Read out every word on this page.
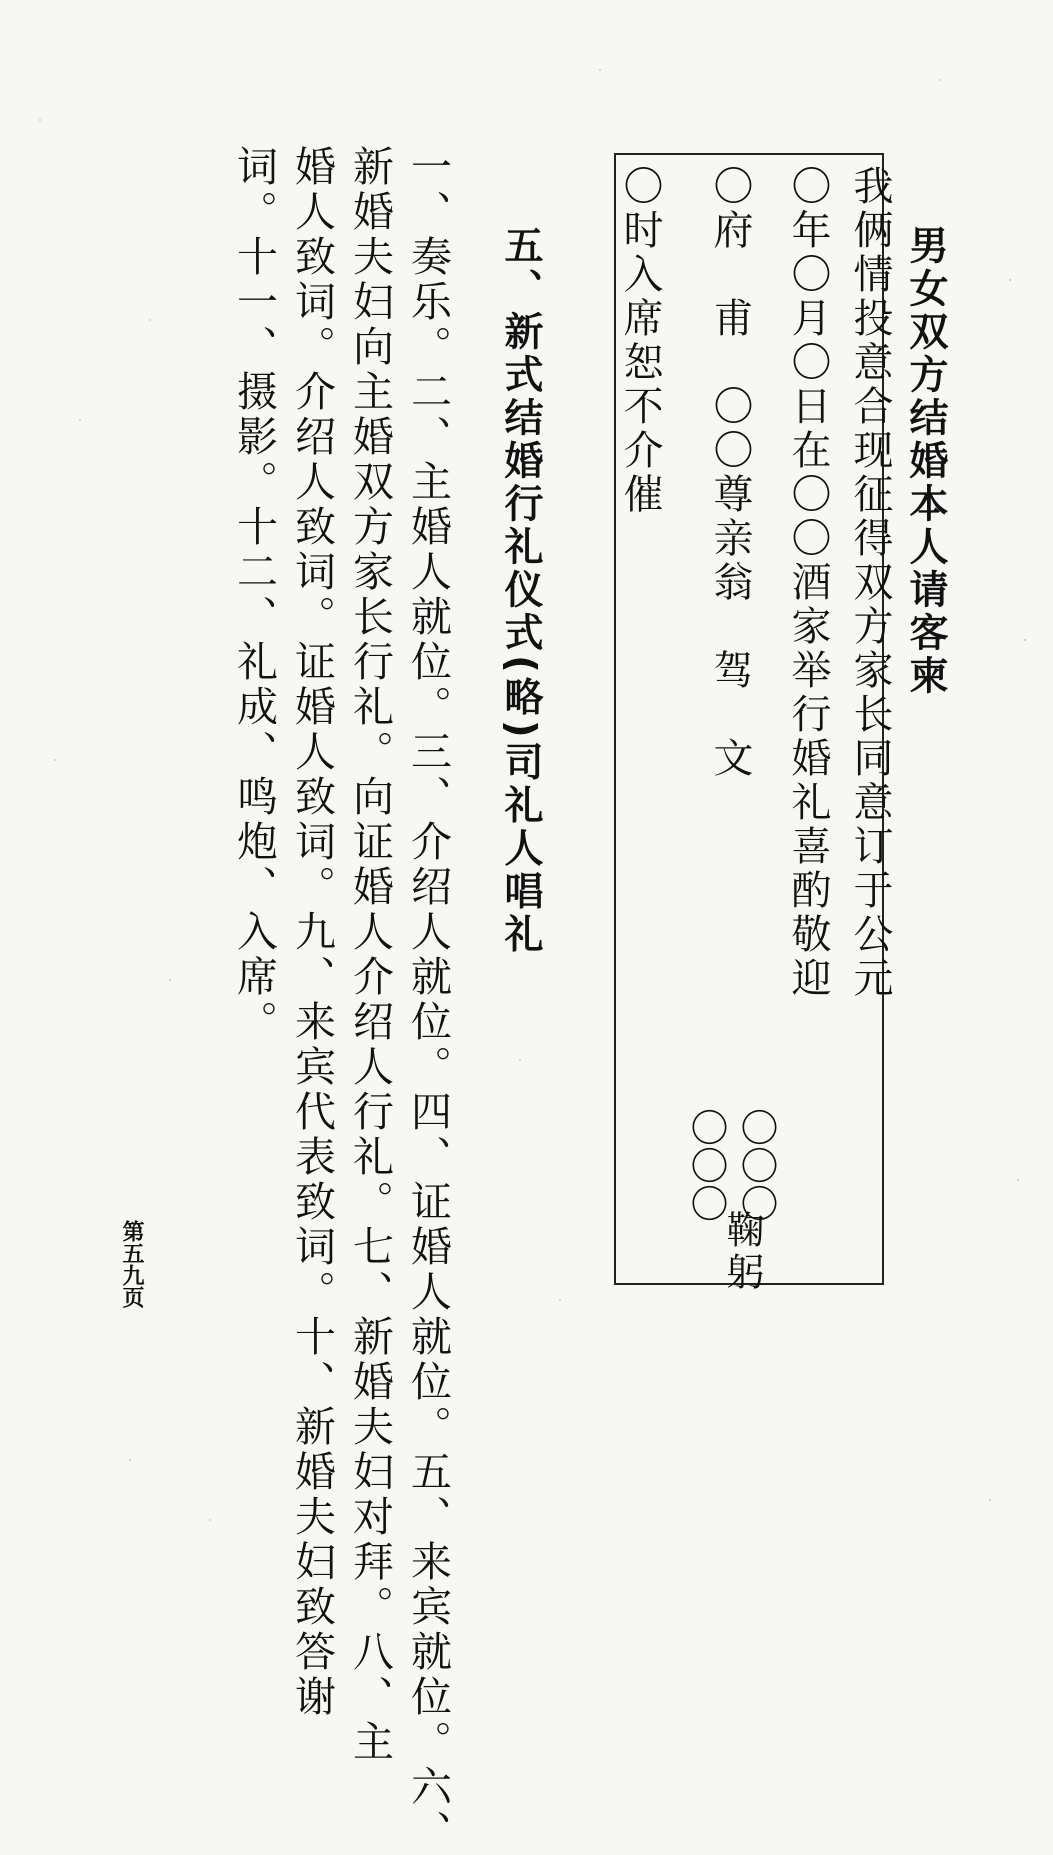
男女双方结婚本人请客柬
我俩情投意合现征得双方家长同意订于公元
〇年〇月〇日在〇〇酒家举行婚礼喜酌敬迎
〇府　甫　〇〇尊亲翁　驾　文
〇时入席恕不介催
〇〇〇
〇〇〇
鞠躬
五、新式结婚行礼仪式(略)司礼人唱礼
一、奏乐。二、主婚人就位。三、介绍人就位。四、证婚人就位。五、来宾就位。六、
新婚夫妇向主婚双方家长行礼。向证婚人介绍人行礼。七、新婚夫妇对拜。八、主
婚人致词。介绍人致词。证婚人致词。九、来宾代表致词。十、新婚夫妇致答谢
词。十一、摄影。十二、礼成、鸣炮、入席。
第五九页
